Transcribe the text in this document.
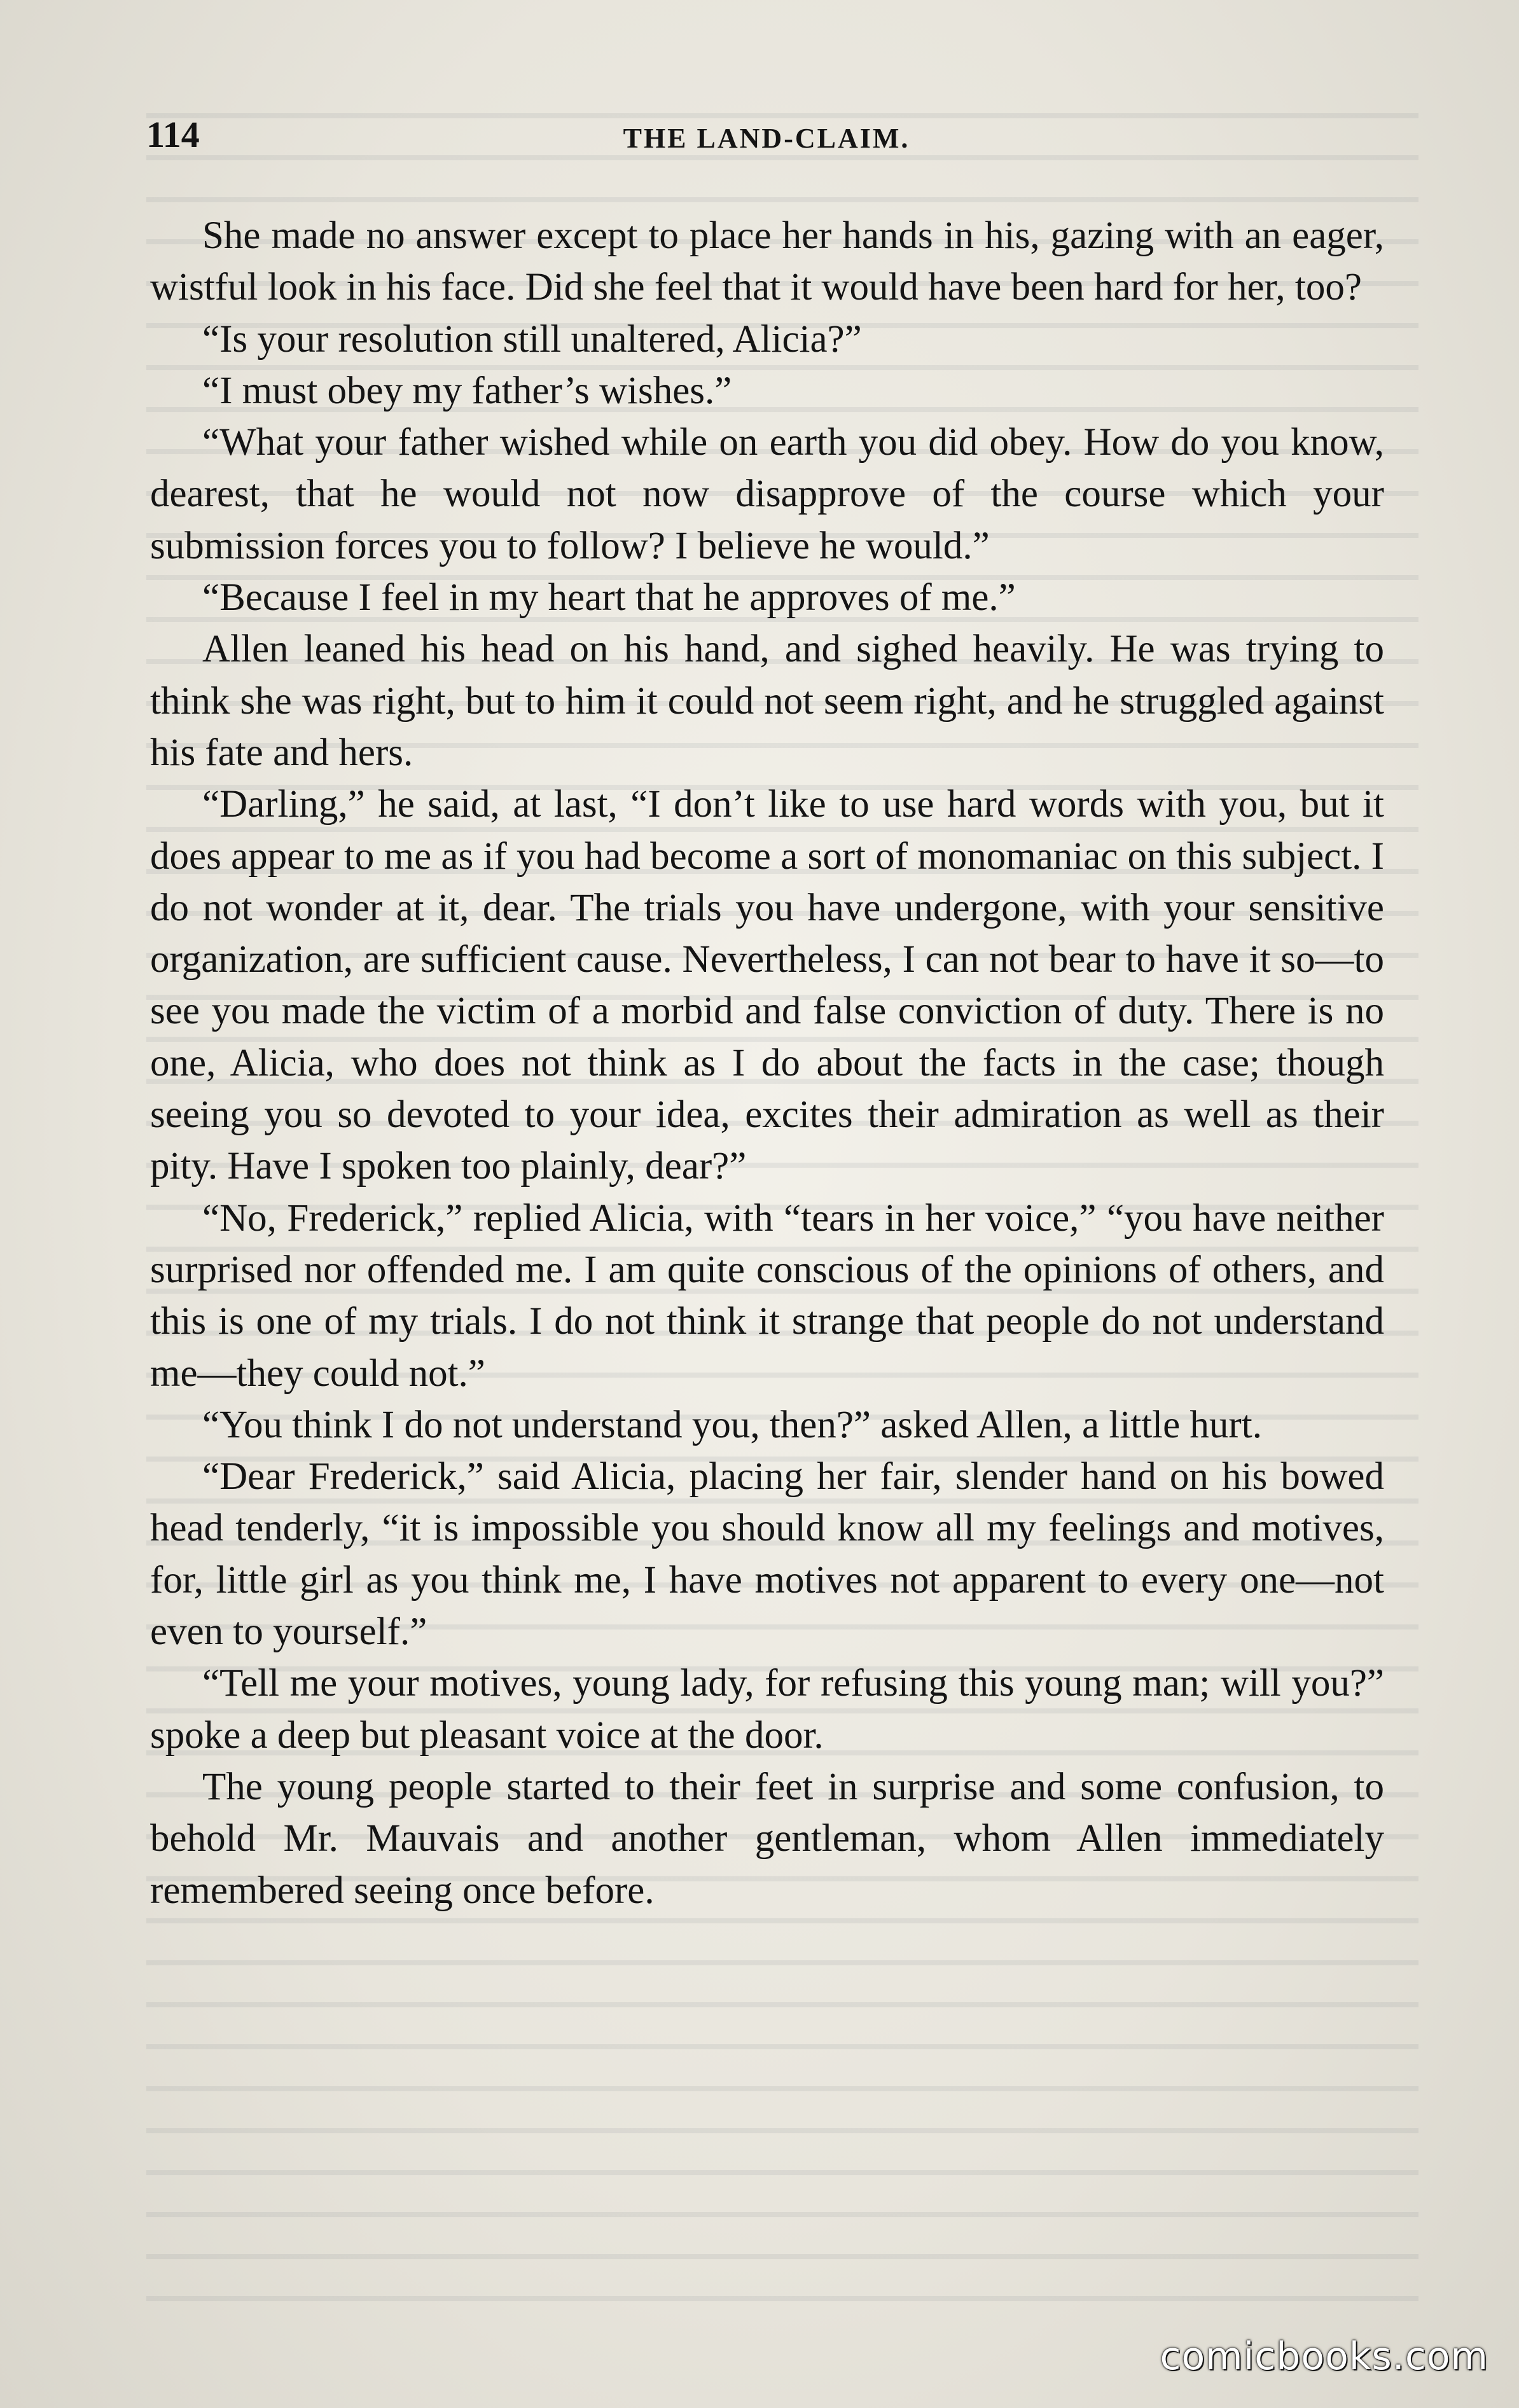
114	THE LAND-CLAIM.

She made no answer except to place her hands in his, gazing with an eager, wistful look in his face. Did she feel that it would have been hard for her, too?

“Is your resolution still unaltered, Alicia?”

“I must obey my father’s wishes.”

“What your father wished while on earth you did obey. How do you know, dearest, that he would not now disapprove of the course which your submission forces you to follow? I believe he would.”

“Because I feel in my heart that he approves of me.”

Allen leaned his head on his hand, and sighed heavily. He was trying to think she was right, but to him it could not seem right, and he struggled against his fate and hers.

“Darling,” he said, at last, “I don’t like to use hard words with you, but it does appear to me as if you had become a sort of monomaniac on this subject. I do not wonder at it, dear. The trials you have undergone, with your sensitive organization, are sufficient cause. Nevertheless, I can not bear to have it so—to see you made the victim of a morbid and false conviction of duty. There is no one, Alicia, who does not think as I do about the facts in the case; though seeing you so devoted to your idea, excites their admiration as well as their pity. Have I spoken too plainly, dear?”

“No, Frederick,” replied Alicia, with “tears in her voice,” “you have neither surprised nor offended me. I am quite conscious of the opinions of others, and this is one of my trials. I do not think it strange that people do not understand me—they could not.”

“You think I do not understand you, then?” asked Allen, a little hurt.

“Dear Frederick,” said Alicia, placing her fair, slender hand on his bowed head tenderly, “it is impossible you should know all my feelings and motives, for, little girl as you think me, I have motives not apparent to every one—not even to yourself.”

“Tell me your motives, young lady, for refusing this young man; will you?” spoke a deep but pleasant voice at the door.

The young people started to their feet in surprise and some confusion, to behold Mr. Mauvais and another gentleman, whom Allen immediately remembered seeing once before.

comicbooks.com
